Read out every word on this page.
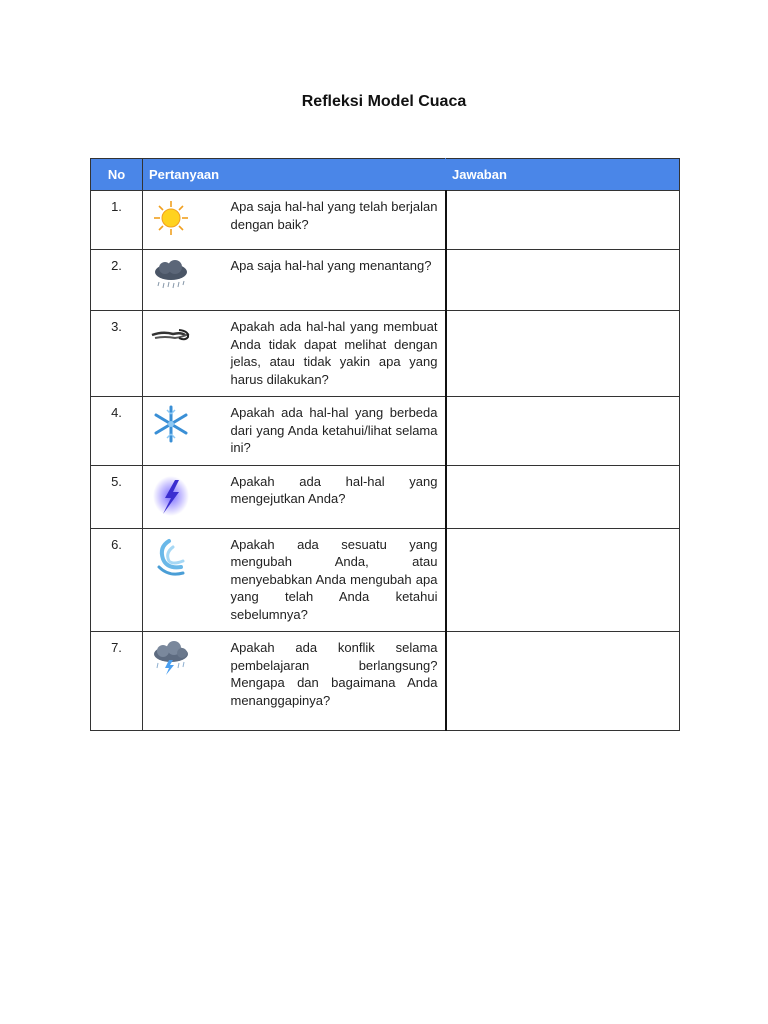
Refleksi Model Cuaca
No	Pertanyaan		Jawaban
1.		Apa saja hal-hal yang telah berjalan dengan baik?	
2.		Apa saja hal-hal yang menantang?	
3.		Apakah ada hal-hal yang membuat Anda tidak dapat melihat dengan jelas, atau tidak yakin apa yang harus dilakukan?	
4.		Apakah ada hal-hal yang berbeda dari yang Anda ketahui/lihat selama ini?	
5.		Apakah ada hal-hal yang mengejutkan Anda?	
6.		Apakah ada sesuatu yang mengubah Anda, atau menyebabkan Anda mengubah apa yang telah Anda ketahui sebelumnya?	
7.		Apakah ada konflik selama pembelajaran berlangsung? Mengapa dan bagaimana Anda menanggapinya?	
